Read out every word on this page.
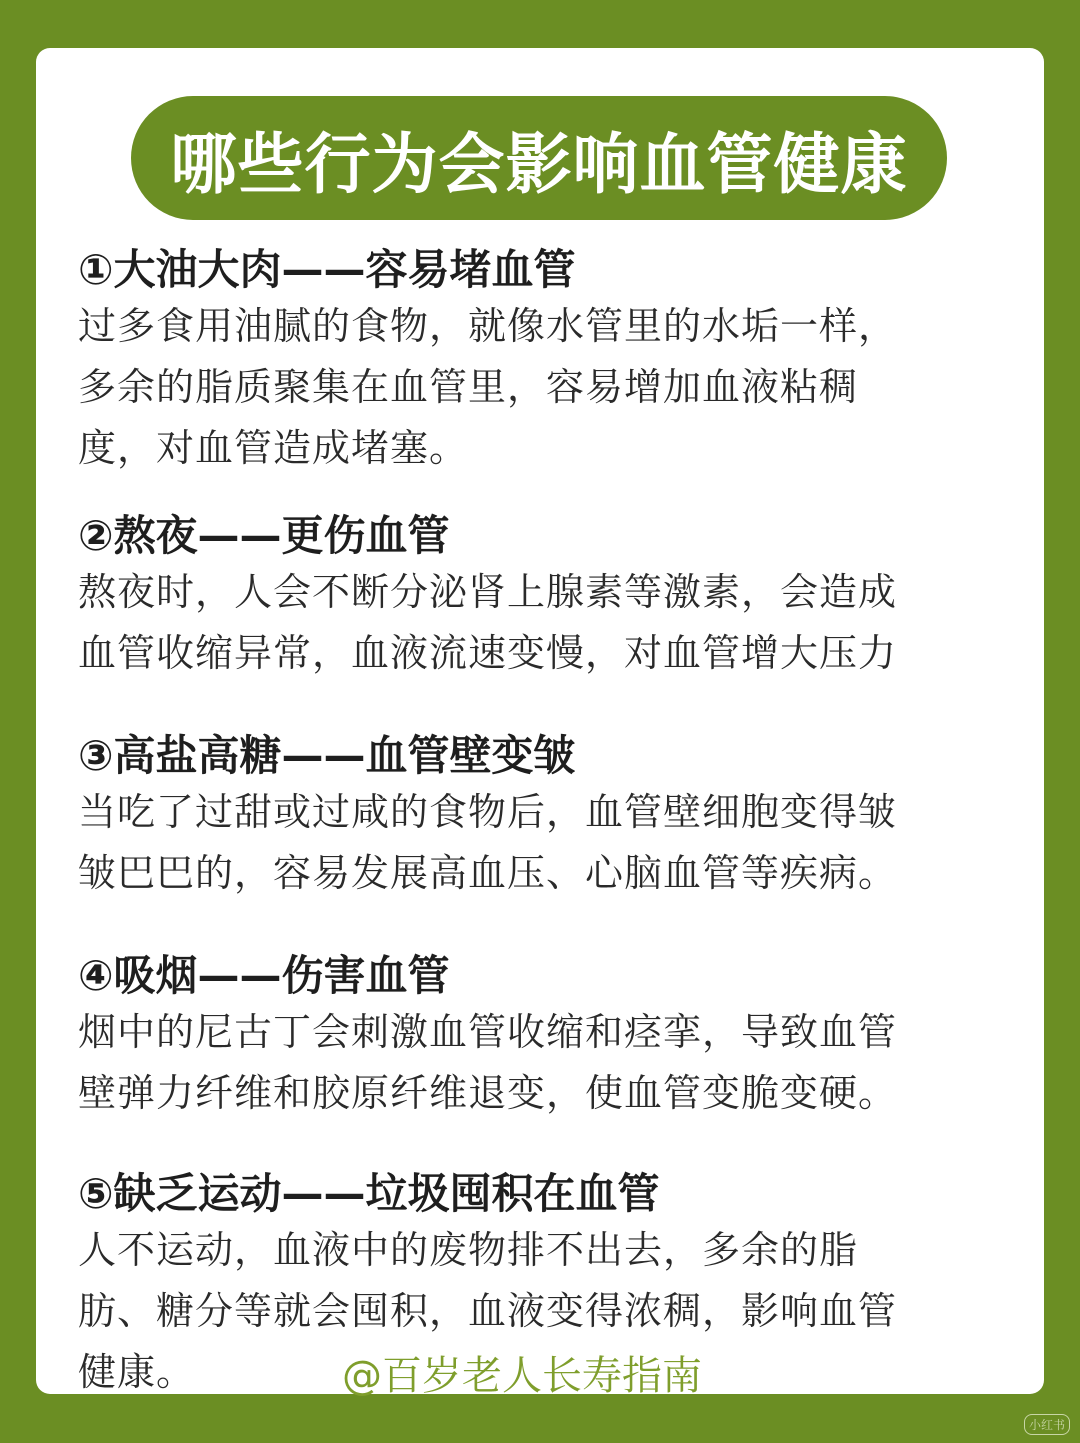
哪些行为会影响血管健康
①大油大肉——容易堵血管
过多食用油腻的食物，就像水管里的水垢一样，
多余的脂质聚集在血管里，容易增加血液粘稠
度，对血管造成堵塞。
②熬夜——更伤血管
熬夜时，人会不断分泌肾上腺素等激素，会造成
血管收缩异常，血液流速变慢，对血管增大压力
③高盐高糖——血管壁变皱
当吃了过甜或过咸的食物后，血管壁细胞变得皱
皱巴巴的，容易发展高血压、心脑血管等疾病。
④吸烟——伤害血管
烟中的尼古丁会刺激血管收缩和痉挛，导致血管
壁弹力纤维和胶原纤维退变，使血管变脆变硬。
⑤缺乏运动——垃圾囤积在血管
人不运动，血液中的废物排不出去，多余的脂
肪、糖分等就会囤积，血液变得浓稠，影响血管
健康。	@百岁老人长寿指南
小红书
